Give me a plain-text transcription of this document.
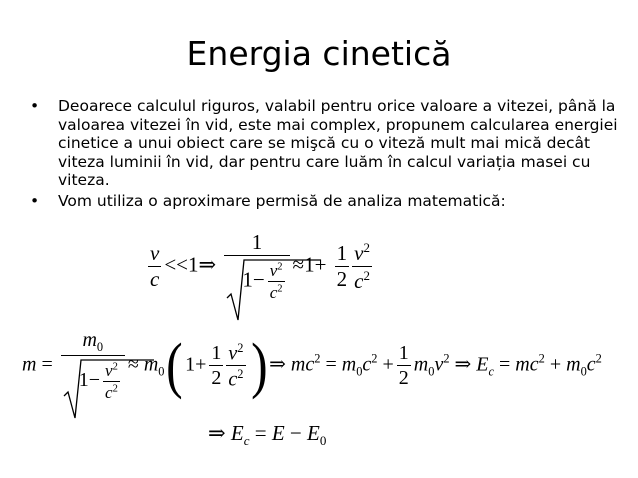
Energia cinetică
• Deoarece calculul riguros, valabil pentru orice valoare a vitezei, până la valoarea vitezei în vid, este mai complex, propunem calcularea energiei cinetice a unui obiect care se mişcă cu o viteză mult mai mică decât viteza luminii în vid, dar pentru care luăm în calcul variația masei cu viteza.
• Vom utiliza o aproximare permisă de analiza matematică:
$\frac{v}{c}$ <<1⇒ $\frac{1}{1- \frac{v^2}{c^2}} \approx 1+ \frac{1}{2} \frac{v^2}{c^2}$
$m = \frac{m_0}{1- \frac{v^2}{c^2}} \approx m_0$( $1+ \frac{1}{2} \frac{v^2}{c^2}$ ) ⇒ $mc^2 = m_0c^2 + \frac{1}{2} m_0v^2$ ⇒ $E_c = mc^2 + m_0c^2$
⇒ $E_c = E - E_0$
